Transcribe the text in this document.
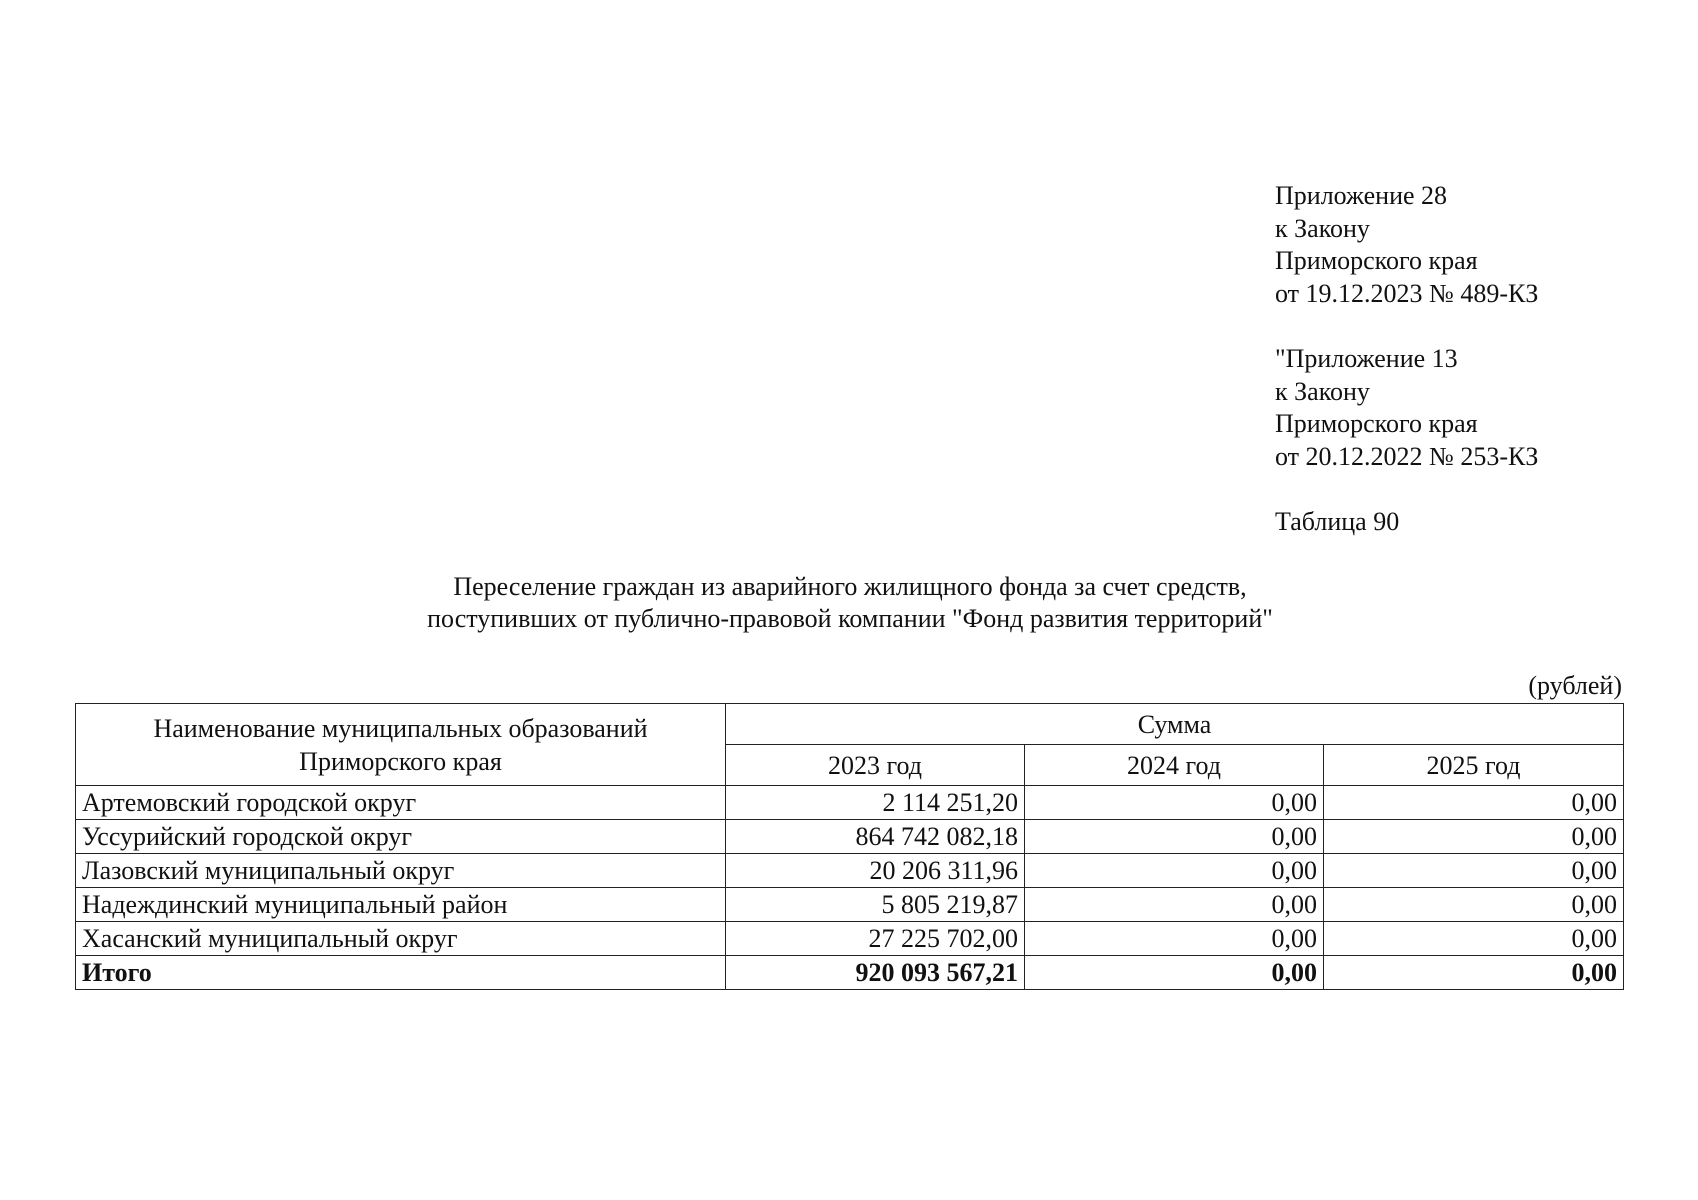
Приложение 28
к Закону
Приморского края
от 19.12.2023 № 489-КЗ
"Приложение 13
к Закону
Приморского края
от 20.12.2022 № 253-КЗ
Таблица 90
Переселение граждан из аварийного жилищного фонда за счет средств,
поступивших от публично-правовой компании "Фонд развития территорий"
(рублей)
Наименование муниципальных образований Приморского края	Сумма		
	2023 год	2024 год	2025 год
Артемовский городской округ	2 114 251,20	0,00	0,00
Уссурийский городской округ	864 742 082,18	0,00	0,00
Лазовский муниципальный округ	20 206 311,96	0,00	0,00
Надеждинский муниципальный район	5 805 219,87	0,00	0,00
Хасанский муниципальный округ	27 225 702,00	0,00	0,00
Итого	920 093 567,21	0,00	0,00
